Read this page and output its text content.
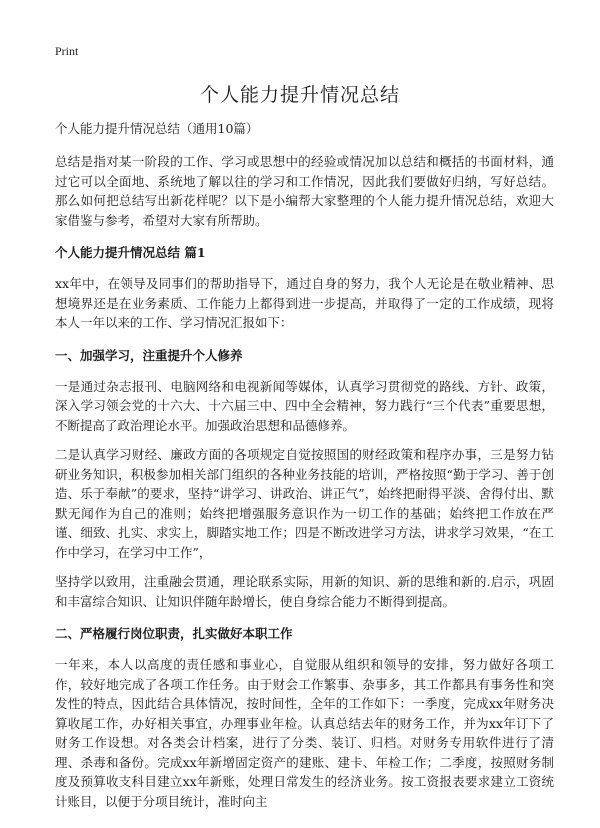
Print
个人能力提升情况总结
个人能力提升情况总结（通用10篇）

总结是指对某一阶段的工作、学习或思想中的经验或情况加以总结和概括的书面材料，通过它可以全面地、系统地了解以往的学习和工作情况，因此我们要做好归纳，写好总结。那么如何把总结写出新花样呢？以下是小编帮大家整理的个人能力提升情况总结，欢迎大家借鉴与参考，希望对大家有所帮助。

个人能力提升情况总结 篇1

xx年中，在领导及同事们的帮助指导下，通过自身的努力，我个人无论是在敬业精神、思想境界还是在业务素质、工作能力上都得到进一步提高，并取得了一定的工作成绩，现将本人一年以来的工作、学习情况汇报如下：

一、加强学习，注重提升个人修养

一是通过杂志报刊、电脑网络和电视新闻等媒体，认真学习贯彻党的路线、方针、政策，深入学习领会党的十六大、十六届三中、四中全会精神，努力践行“三个代表”重要思想，不断提高了政治理论水平。加强政治思想和品德修养。

二是认真学习财经、廉政方面的各项规定自觉按照国的财经政策和程序办事，三是努力钻研业务知识，积极参加相关部门组织的各种业务技能的培训，严格按照“勤于学习、善于创造、乐于奉献”的要求，坚持“讲学习、讲政治、讲正气”，始终把耐得平淡、舍得付出、默默无闻作为自己的准则；始终把增强服务意识作为一切工作的基础；始终把工作放在严谨、细致、扎实、求实上，脚踏实地工作；四是不断改进学习方法，讲求学习效果，“在工作中学习，在学习中工作”，

坚持学以致用，注重融会贯通，理论联系实际，用新的知识、新的思维和新的.启示，巩固和丰富综合知识、让知识伴随年龄增长，使自身综合能力不断得到提高。

二、严格履行岗位职责，扎实做好本职工作

一年来，本人以高度的责任感和事业心，自觉服从组织和领导的安排，努力做好各项工作，较好地完成了各项工作任务。由于财会工作繁事、杂事多，其工作都具有事务性和突发性的特点，因此结合具体情况，按时间性，全年的工作如下：一季度，完成xx年财务决算收尾工作，办好相关事宜，办理事业年检。认真总结去年的财务工作，并为xx年订下了财务工作设想。对各类会计档案，进行了分类、装订、归档。对财务专用软件进行了清理、杀毒和备份。完成xx年新增固定资产的建账、建卡、年检工作；二季度，按照财务制度及预算收支科目建立xx年新账，处理日常发生的经济业务。按工资报表要求建立工资统计账目，以便于分项目统计，准时向主
